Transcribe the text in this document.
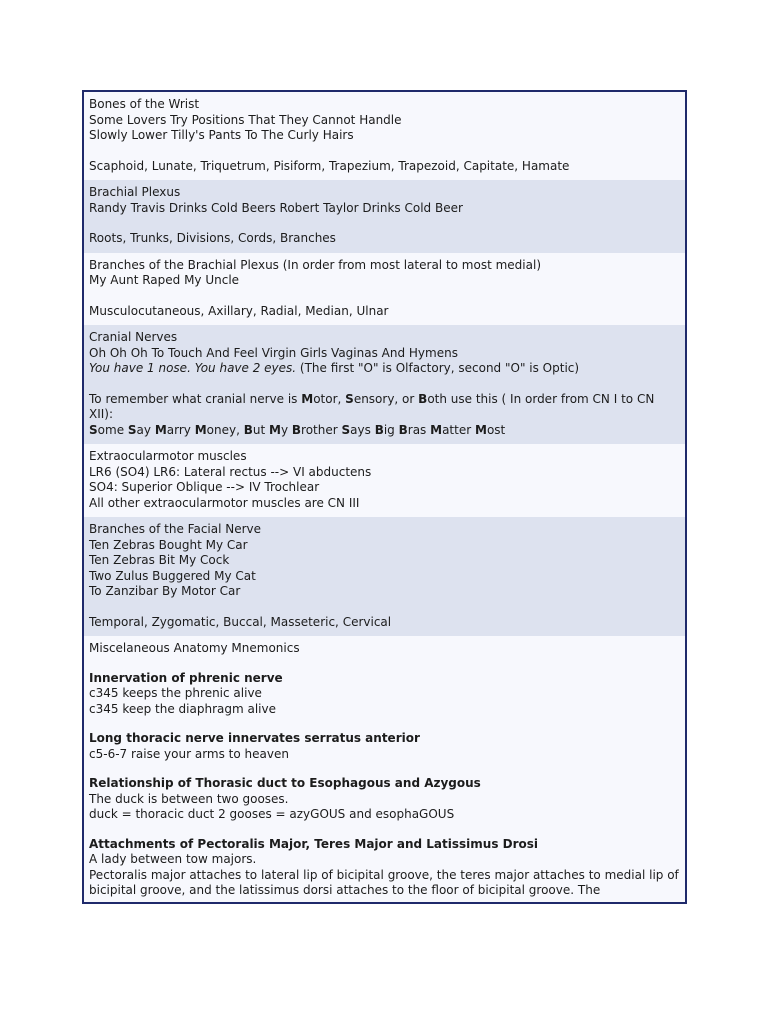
Bones of the Wrist
Some Lovers Try Positions That They Cannot Handle
Slowly Lower Tilly's Pants To The Curly Hairs
Scaphoid, Lunate, Triquetrum, Pisiform, Trapezium, Trapezoid, Capitate, Hamate
Brachial Plexus
Randy Travis Drinks Cold Beers Robert Taylor Drinks Cold Beer
Roots, Trunks, Divisions, Cords, Branches
Branches of the Brachial Plexus (In order from most lateral to most medial)
My Aunt Raped My Uncle
Musculocutaneous, Axillary, Radial, Median, Ulnar
Cranial Nerves
Oh Oh Oh To Touch And Feel Virgin Girls Vaginas And Hymens
You have 1 nose. You have 2 eyes. (The first "O" is Olfactory, second "O" is Optic)
To remember what cranial nerve is Motor, Sensory, or Both use this ( In order from CN I to CN XII):
Some Say Marry Money, But My Brother Says Big Bras Matter Most
Extraocularmotor muscles
LR6 (SO4) LR6: Lateral rectus --> VI abductens
SO4: Superior Oblique --> IV Trochlear
All other extraocularmotor muscles are CN III
Branches of the Facial Nerve
Ten Zebras Bought My Car
Ten Zebras Bit My Cock
Two Zulus Buggered My Cat
To Zanzibar By Motor Car
Temporal, Zygomatic, Buccal, Masseteric, Cervical
Miscelaneous Anatomy Mnemonics
Innervation of phrenic nerve
c345 keeps the phrenic alive
c345 keep the diaphragm alive
Long thoracic nerve innervates serratus anterior
c5-6-7 raise your arms to heaven
Relationship of Thorasic duct to Esophagous and Azygous
The duck is between two gooses.
duck = thoracic duct 2 gooses = azyGOUS and esophaGOUS
Attachments of Pectoralis Major, Teres Major and Latissimus Drosi
A lady between tow majors.
Pectoralis major attaches to lateral lip of bicipital groove, the teres major attaches to medial lip of bicipital groove, and the latissimus dorsi attaches to the floor of bicipital groove. The
